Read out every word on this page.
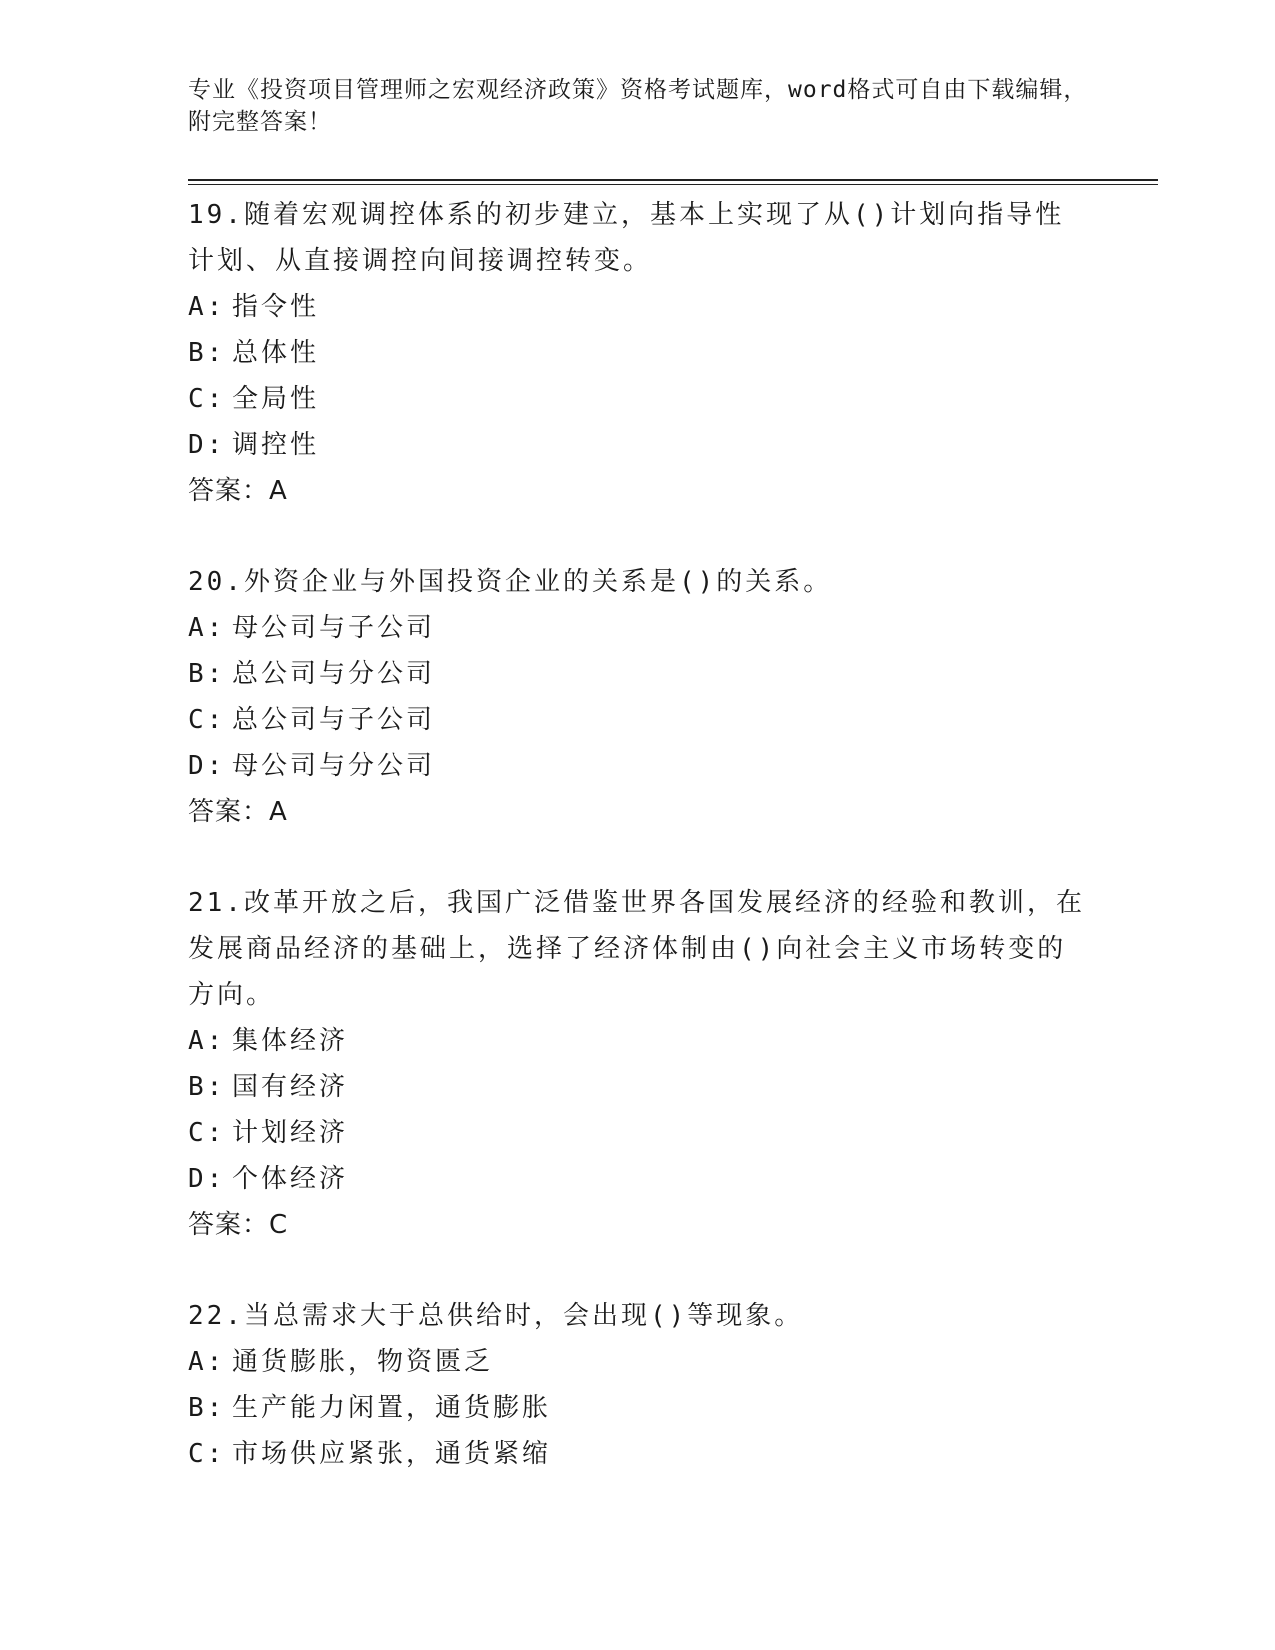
专业《投资项目管理师之宏观经济政策》资格考试题库，word格式可自由下载编辑，附完整答案！
19.随着宏观调控体系的初步建立，基本上实现了从()计划向指导性计划、从直接调控向间接调控转变。
A: 指令性
B: 总体性
C: 全局性
D: 调控性
答案：A
20.外资企业与外国投资企业的关系是()的关系。
A: 母公司与子公司
B: 总公司与分公司
C: 总公司与子公司
D: 母公司与分公司
答案：A
21.改革开放之后，我国广泛借鉴世界各国发展经济的经验和教训，在发展商品经济的基础上，选择了经济体制由()向社会主义市场转变的方向。
A: 集体经济
B: 国有经济
C: 计划经济
D: 个体经济
答案：C
22.当总需求大于总供给时，会出现()等现象。
A: 通货膨胀，物资匮乏
B: 生产能力闲置，通货膨胀
C: 市场供应紧张，通货紧缩
